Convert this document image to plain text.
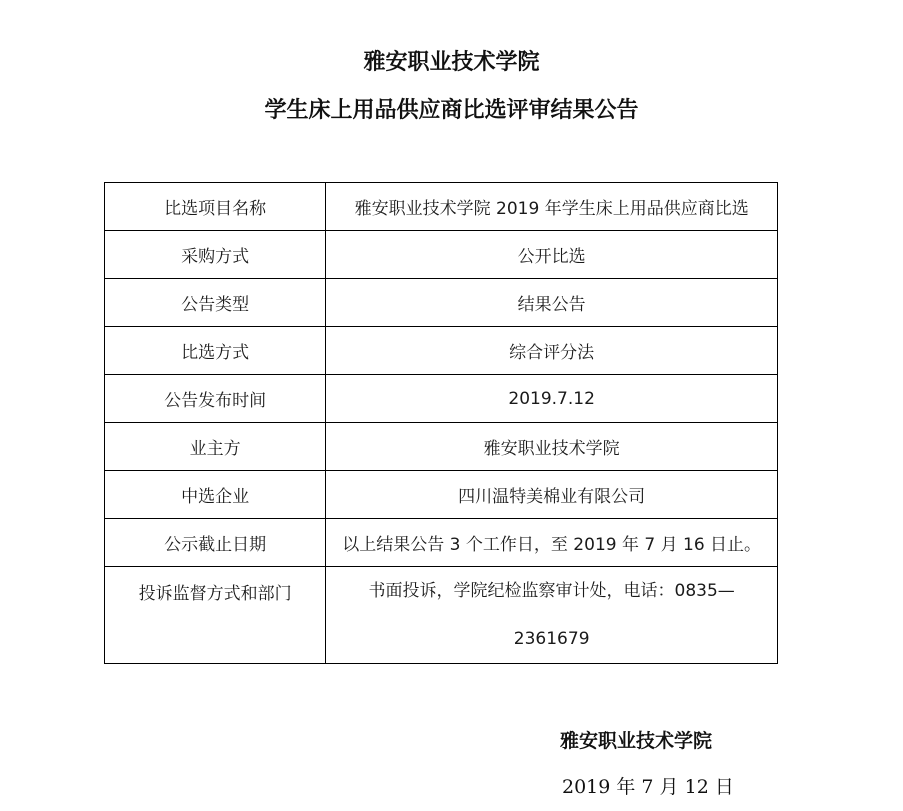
雅安职业技术学院
学生床上用品供应商比选评审结果公告
比选项目名称	雅安职业技术学院 2019 年学生床上用品供应商比选
采购方式	公开比选
公告类型	结果公告
比选方式	综合评分法
公告发布时间	2019.7.12
业主方	雅安职业技术学院
中选企业	四川温特美棉业有限公司
公示截止日期	以上结果公告 3 个工作日，至 2019 年 7 月 16 日止。
投诉监督方式和部门	书面投诉，学院纪检监察审计处，电话：0835—2361679

雅安职业技术学院

2019 年 7 月 12 日
